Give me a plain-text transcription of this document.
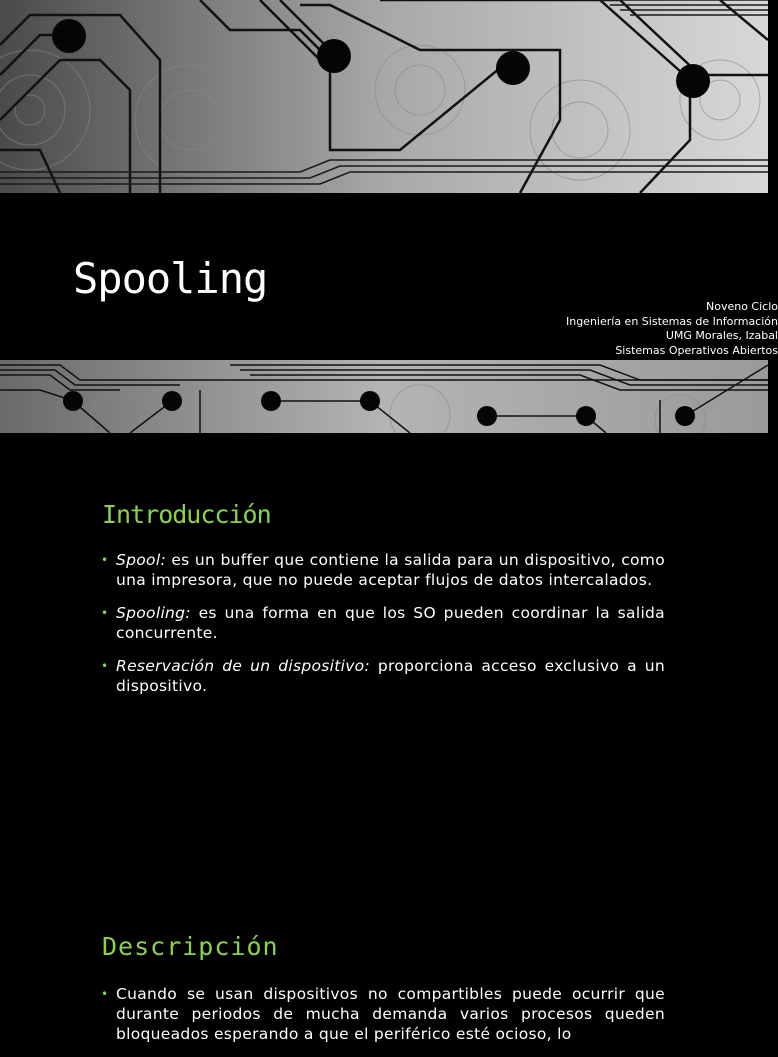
Spooling
Noveno Ciclo
Ingeniería en Sistemas de Información
UMG Morales, Izabal
Sistemas Operativos Abiertos
Introducción
• Spool: es un buffer que contiene la salida para un dispositivo, como una impresora, que no puede aceptar flujos de datos intercalados.
• Spooling: es una forma en que los SO pueden coordinar la salida concurrente.
• Reservación de un dispositivo: proporciona acceso exclusivo a un dispositivo.
Descripción
• Cuando se usan dispositivos no compartibles puede ocurrir que durante periodos de mucha demanda varios procesos queden bloqueados esperando a que el periférico esté ocioso, lo
